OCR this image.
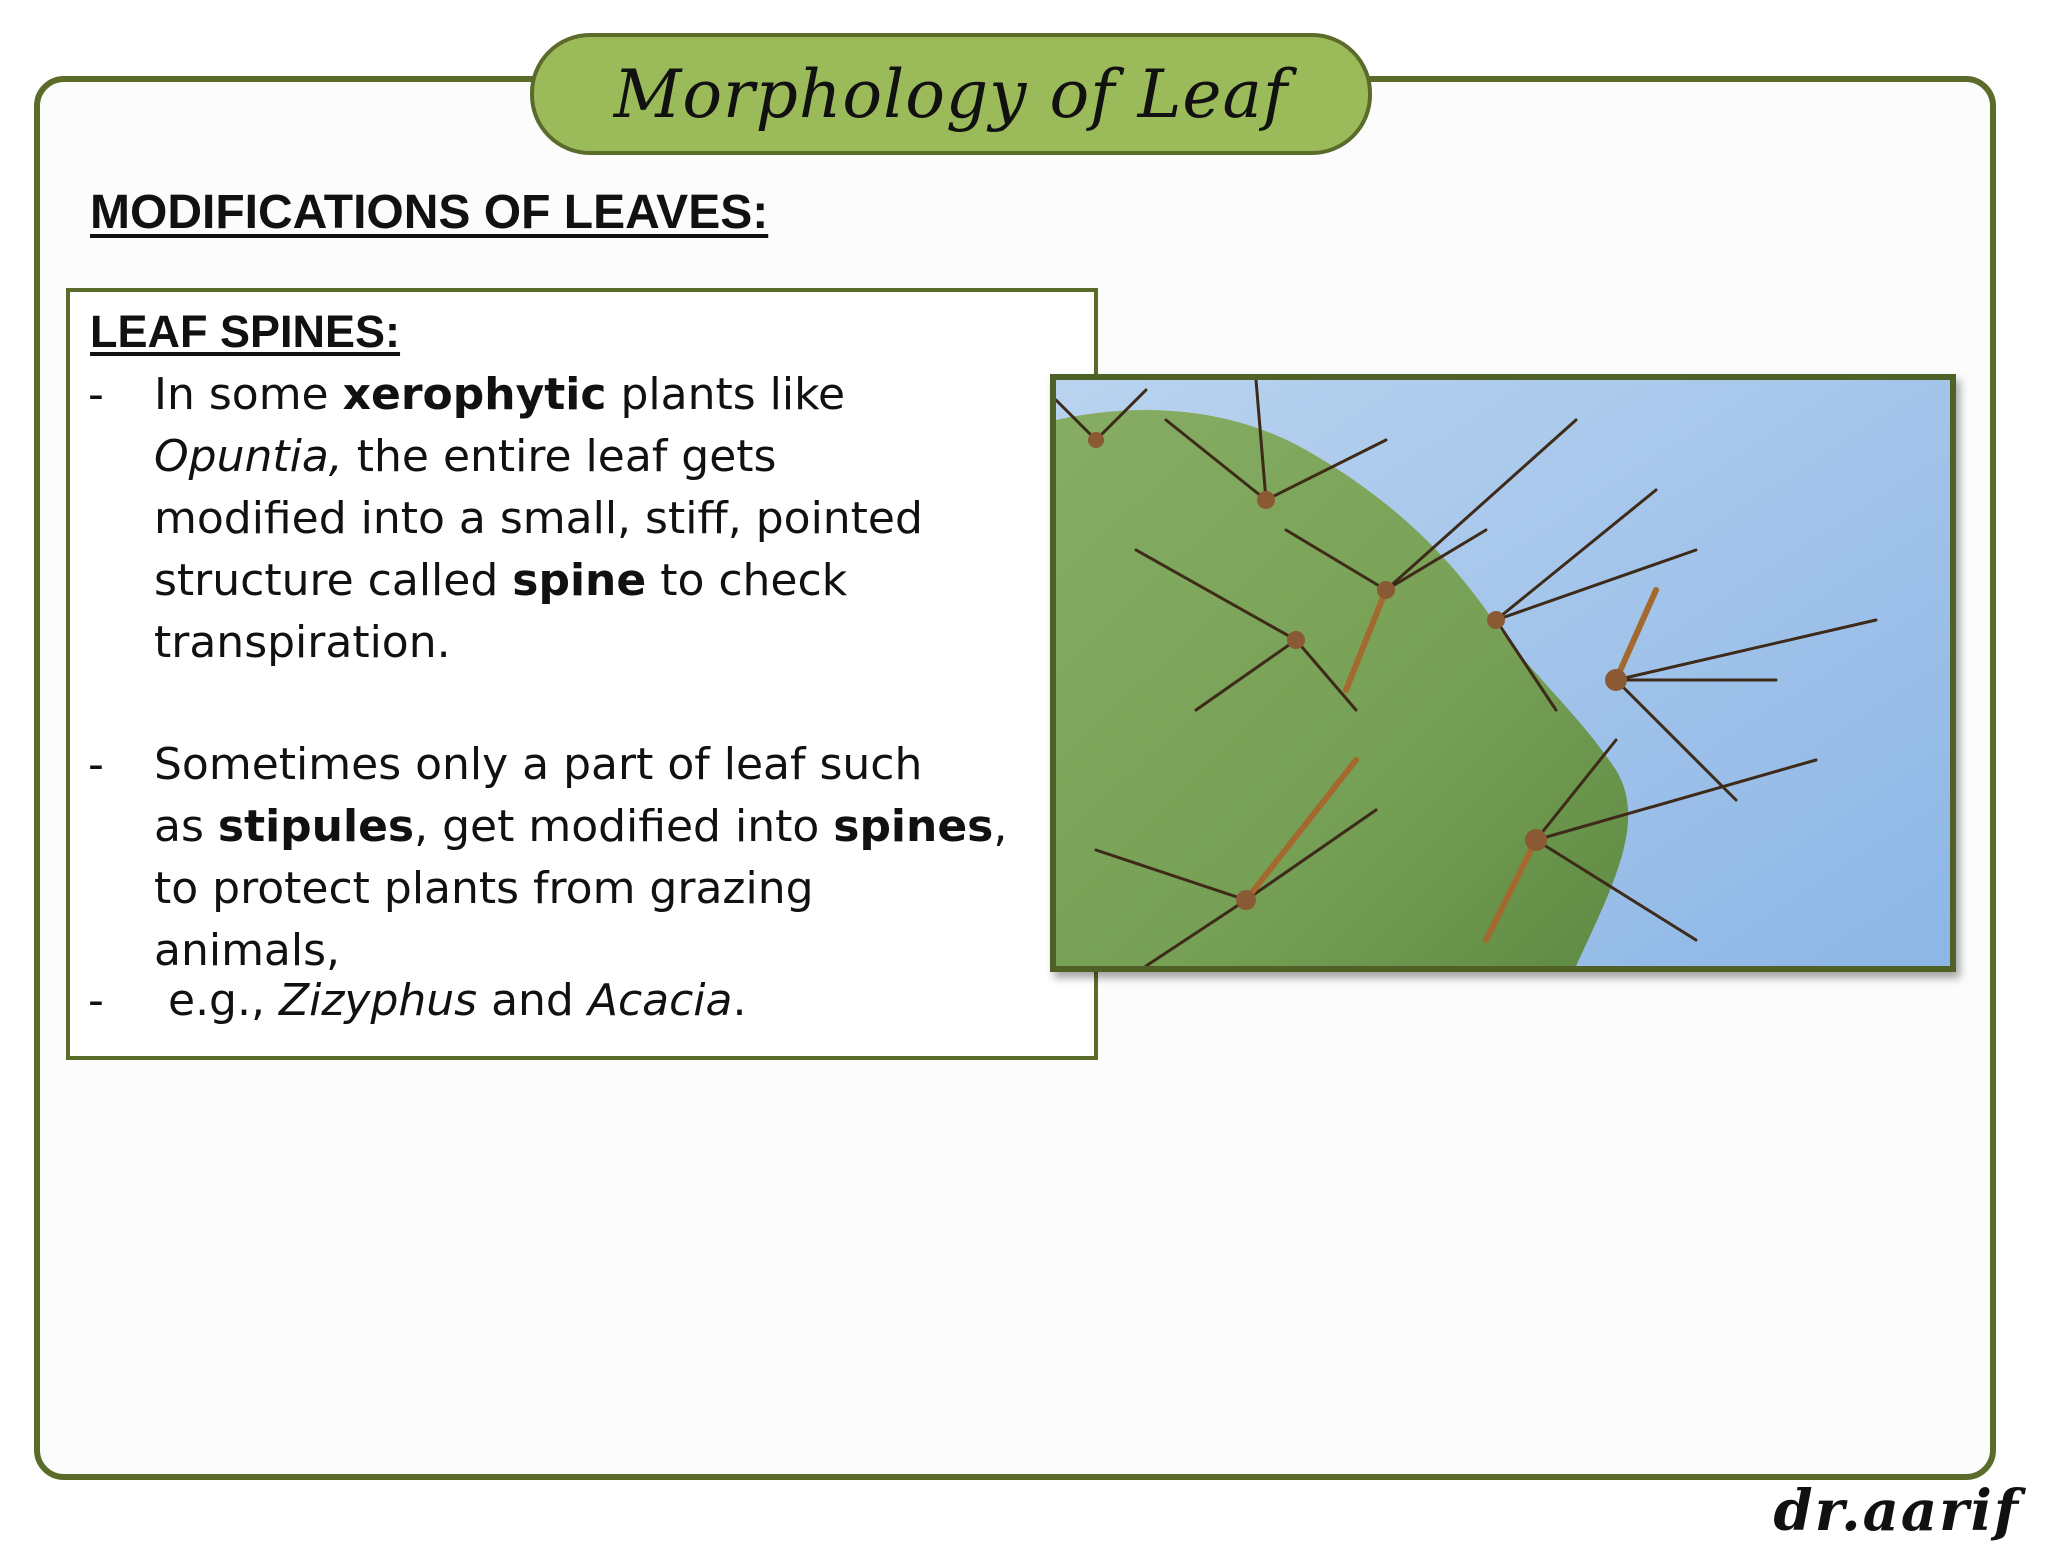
Morphology of Leaf
MODIFICATIONS OF LEAVES:
LEAF SPINES:
- In some xerophytic plants like
Opuntia, the entire leaf gets
modified into a small, stiff, pointed
structure called spine to check
transpiration.
- Sometimes only a part of leaf such
as stipules, get modified into spines,
to protect plants from grazing
animals,
- e.g., Zizyphus and Acacia.
dr.aarif
